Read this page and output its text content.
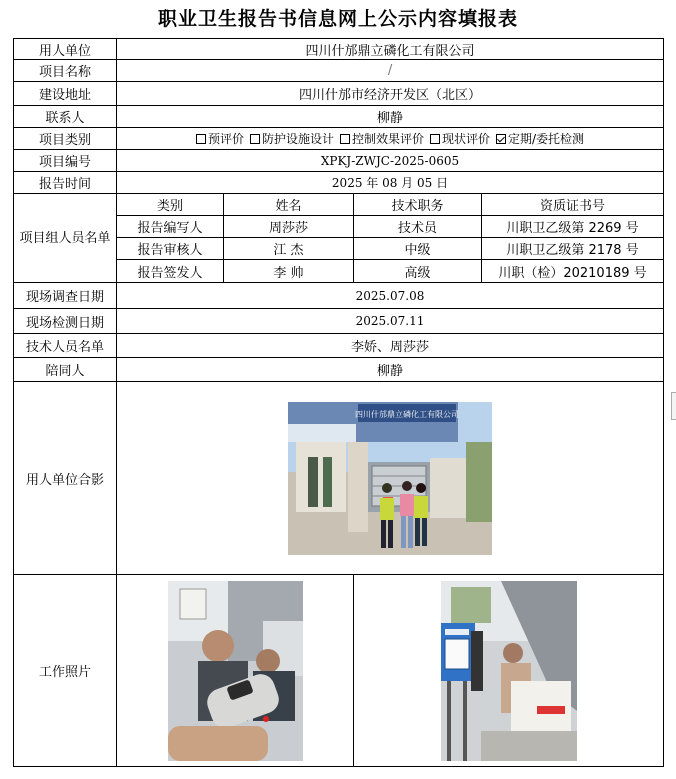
职业卫生报告书信息网上公示内容填报表
用人单位	四川什邡鼎立磷化工有限公司			
项目名称	/			
建设地址	四川什邡市经济开发区（北区）			
联系人	柳静			
项目类别	预评价 防护设施设计 控制效果评价 现状评价 定期/委托检测			
项目编号	XPKJ-ZWJC-2025-0605			
报告时间	2025 年 08 月 05 日			
项目组人员名单	类别	姓名	技术职务	资质证书号
	报告编写人	周莎莎	技术员	川职卫乙级第 2269 号
	报告审核人	江 杰	中级	川职卫乙级第 2178 号
	报告签发人	李 帅	高级	川职（检）20210189 号
现场调查日期	2025.07.08			
现场检测日期	2025.07.11			
技术人员名单	李娇、周莎莎			
陪同人	柳静			
用人单位合影	四川什邡鼎立磷化工有限公司			

工作照片		
